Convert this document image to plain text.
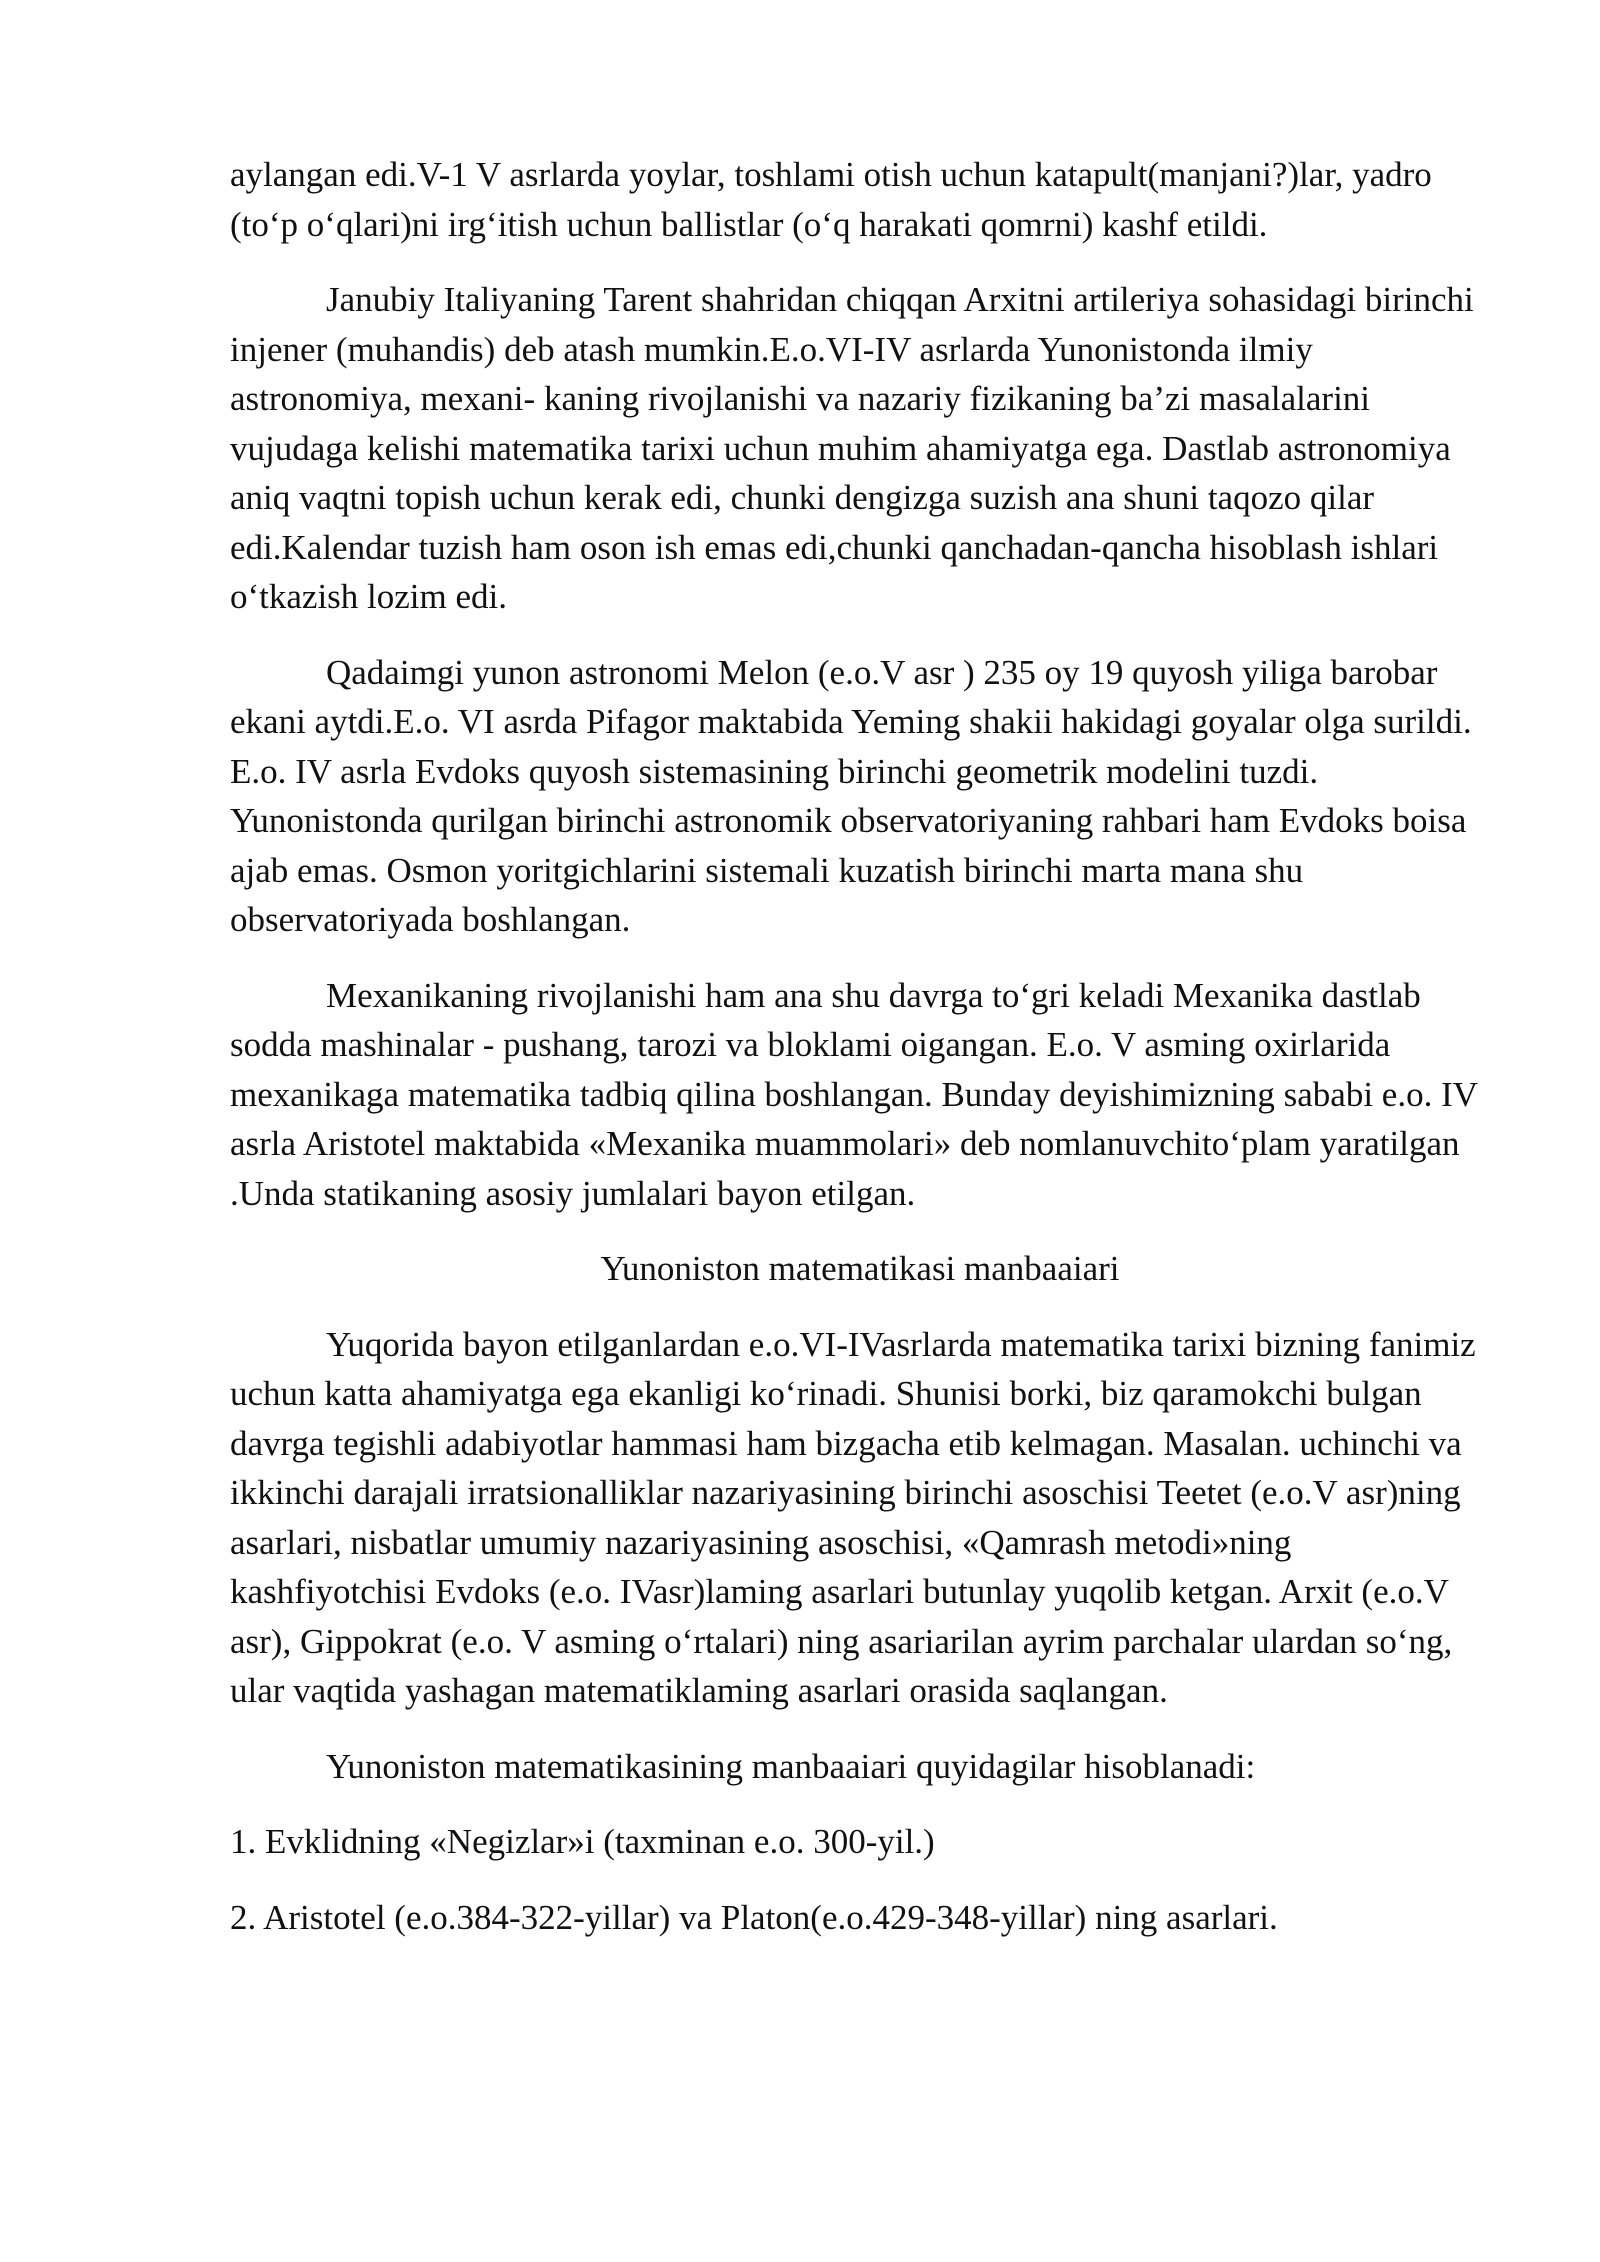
aylangan edi.V-1 V asrlarda yoylar, toshlami otish uchun katapult(manjani?)lar, yadro (to‘p o‘qlari)ni irg‘itish uchun ballistlar (o‘q harakati qomrni) kashf etildi.

Janubiy Italiyaning Tarent shahridan chiqqan Arxitni artileriya sohasidagi birinchi injener (muhandis) deb atash mumkin.E.o.VI-IV asrlarda Yunonistonda ilmiy astronomiya, mexani- kaning rivojlanishi va nazariy fizikaning ba’zi masalalarini vujudaga kelishi matematika tarixi uchun muhim ahamiyatga ega. Dastlab astronomiya aniq vaqtni topish uchun kerak edi, chunki dengizga suzish ana shuni taqozo qilar edi.Kalendar tuzish ham oson ish emas edi,chunki qanchadan-qancha hisoblash ishlari o‘tkazish lozim edi.

Qadaimgi yunon astronomi Melon (e.o.V asr ) 235 oy 19 quyosh yiliga barobar ekani aytdi.E.o. VI asrda Pifagor maktabida Yeming shakii hakidagi goyalar olga surildi. E.o. IV asrla Evdoks quyosh sistemasining birinchi geometrik modelini tuzdi. Yunonistonda qurilgan birinchi astronomik observatoriyaning rahbari ham Evdoks boisa ajab emas. Osmon yoritgichlarini sistemali kuzatish birinchi marta mana shu observatoriyada boshlangan.

Mexanikaning rivojlanishi ham ana shu davrga to‘gri keladi Mexanika dastlab sodda mashinalar - pushang, tarozi va bloklami oigangan. E.o. V asming oxirlarida mexanikaga matematika tadbiq qilina boshlangan. Bunday deyishimizning sababi e.o. IV asrla Aristotel maktabida «Mexanika muammolari» deb nomlanuvchito‘plam yaratilgan .Unda statikaning asosiy jumlalari bayon etilgan.

Yunoniston matematikasi manbaaiari

Yuqorida bayon etilganlardan e.o.VI-IVasrlarda matematika tarixi bizning fanimiz uchun katta ahamiyatga ega ekanligi ko‘rinadi. Shunisi borki, biz qaramokchi bulgan davrga tegishli adabiyotlar hammasi ham bizgacha etib kelmagan. Masalan. uchinchi va ikkinchi darajali irratsionalliklar nazariyasining birinchi asoschisi Teetet (e.o.V asr)ning asarlari, nisbatlar umumiy nazariyasining asoschisi, «Qamrash metodi»ning kashfiyotchisi Evdoks (e.o. IVasr)laming asarlari butunlay yuqolib ketgan. Arxit (e.o.V asr), Gippokrat (e.o. V asming o‘rtalari) ning asariarilan ayrim parchalar ulardan so‘ng, ular vaqtida yashagan matematiklaming asarlari orasida saqlangan.

Yunoniston matematikasining manbaaiari quyidagilar hisoblanadi:

1. Evklidning «Negizlar»i (taxminan e.o. 300-yil.)

2. Aristotel (e.o.384-322-yillar) va Platon(e.o.429-348-yillar) ning asarlari.
